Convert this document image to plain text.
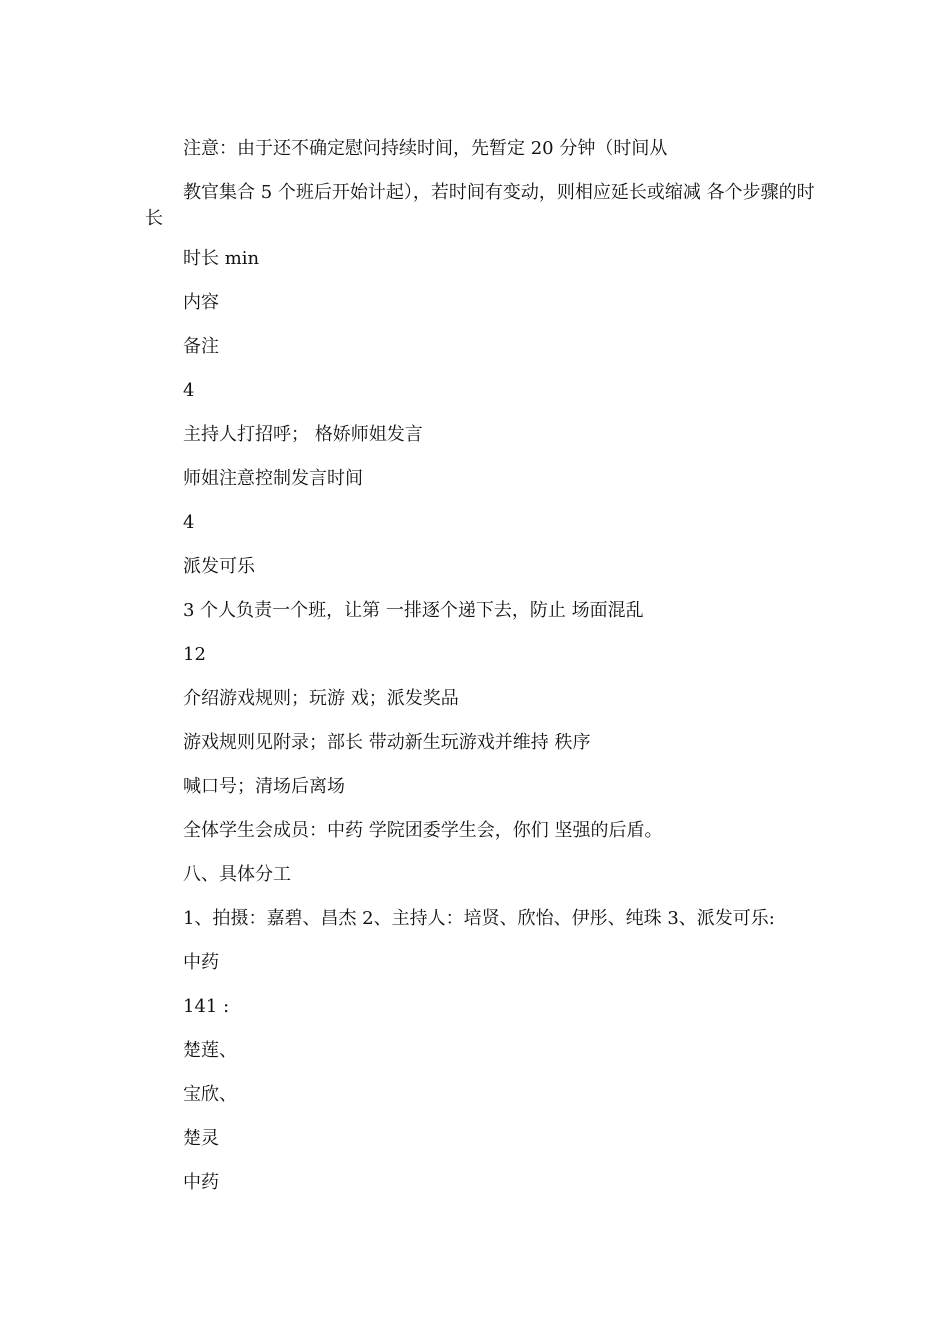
注意：由于还不确定慰问持续时间，先暂定 20 分钟（时间从
教官集合 5 个班后开始计起），若时间有变动，则相应延长或缩减 各个步骤的时长
时长 min
内容
备注
4
主持人打招呼； 格娇师姐发言
师姐注意控制发言时间
4
派发可乐
3 个人负责一个班，让第 一排逐个递下去，防止 场面混乱
12
介绍游戏规则；玩游 戏；派发奖品
游戏规则见附录；部长 带动新生玩游戏并维持 秩序
喊口号；清场后离场
全体学生会成员：中药 学院团委学生会，你们 坚强的后盾。
八、具体分工
1、拍摄：嘉碧、昌杰 2、主持人：培贤、欣怡、伊彤、纯珠 3、派发可乐:
中药
141 :
楚莲、
宝欣、
楚灵
中药
